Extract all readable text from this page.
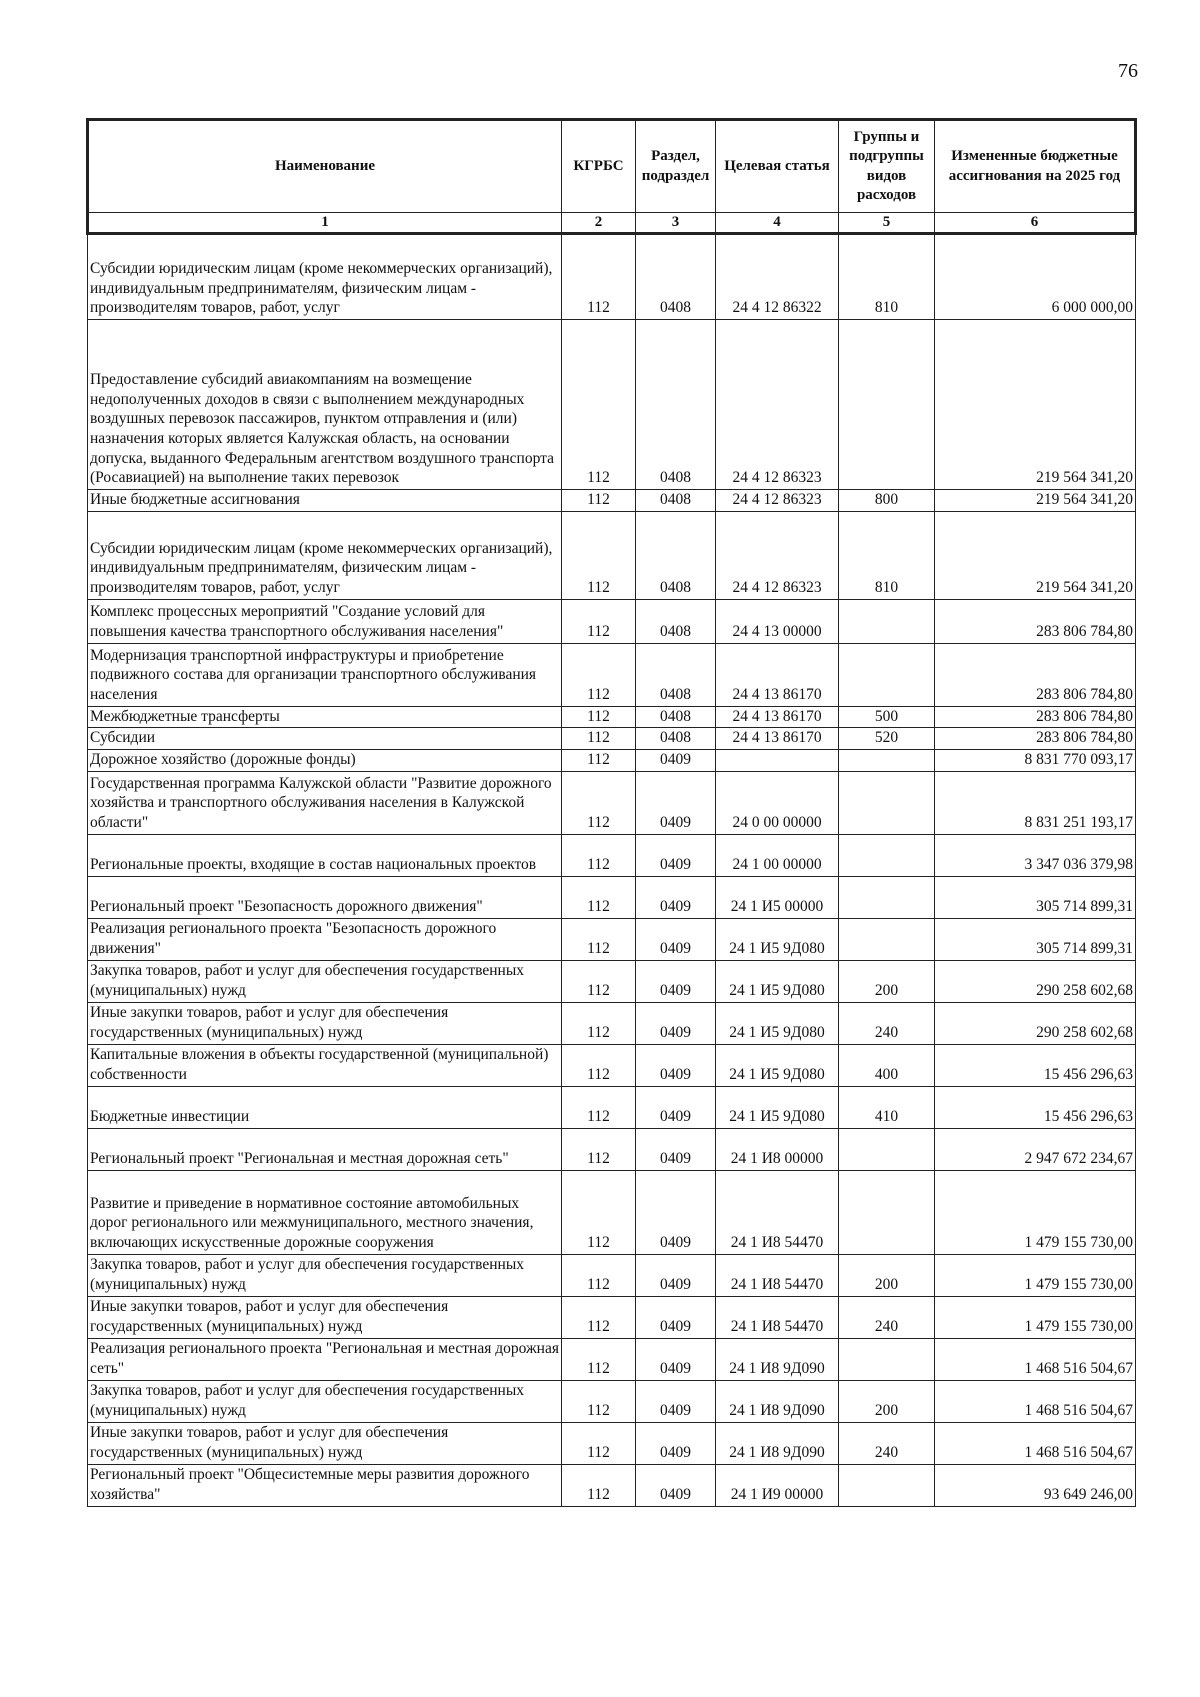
76
Наименование	КГРБС	Раздел, подраздел	Целевая статья	Группы и подгруппы видов расходов	Измененные бюджетные ассигнования на 2025 год
1	2	3	4	5	6
Субсидии юридическим лицам (кроме некоммерческих организаций), индивидуальным предпринимателям, физическим лицам - производителям товаров, работ, услуг	112	0408	24 4 12 86322	810	6 000 000,00
Предоставление субсидий авиакомпаниям на возмещение недополученных доходов в связи с выполнением международных воздушных перевозок пассажиров, пунктом отправления и (или) назначения которых является Калужская область, на основании допуска, выданного Федеральным агентством воздушного транспорта (Росавиацией) на выполнение таких перевозок	112	0408	24 4 12 86323		219 564 341,20
Иные бюджетные ассигнования	112	0408	24 4 12 86323	800	219 564 341,20
Субсидии юридическим лицам (кроме некоммерческих организаций), индивидуальным предпринимателям, физическим лицам - производителям товаров, работ, услуг	112	0408	24 4 12 86323	810	219 564 341,20
Комплекс процессных мероприятий "Создание условий для повышения качества транспортного обслуживания населения"	112	0408	24 4 13 00000		283 806 784,80
Модернизация транспортной инфраструктуры и приобретение подвижного состава для организации транспортного обслуживания населения	112	0408	24 4 13 86170		283 806 784,80
Межбюджетные трансферты	112	0408	24 4 13 86170	500	283 806 784,80
Субсидии	112	0408	24 4 13 86170	520	283 806 784,80
Дорожное хозяйство (дорожные фонды)	112	0409			8 831 770 093,17
Государственная программа Калужской области "Развитие дорожного хозяйства и транспортного обслуживания населения в Калужской области"	112	0409	24 0 00 00000		8 831 251 193,17
Региональные проекты, входящие в состав национальных проектов	112	0409	24 1 00 00000		3 347 036 379,98
Региональный проект "Безопасность дорожного движения"	112	0409	24 1 И5 00000		305 714 899,31
Реализация регионального проекта "Безопасность дорожного движения"	112	0409	24 1 И5 9Д080		305 714 899,31
Закупка товаров, работ и услуг для обеспечения государственных (муниципальных) нужд	112	0409	24 1 И5 9Д080	200	290 258 602,68
Иные закупки товаров, работ и услуг для обеспечения государственных (муниципальных) нужд	112	0409	24 1 И5 9Д080	240	290 258 602,68
Капитальные вложения в объекты государственной (муниципальной) собственности	112	0409	24 1 И5 9Д080	400	15 456 296,63
Бюджетные инвестиции	112	0409	24 1 И5 9Д080	410	15 456 296,63
Региональный проект "Региональная и местная дорожная сеть"	112	0409	24 1 И8 00000		2 947 672 234,67
Развитие и приведение в нормативное состояние автомобильных дорог регионального или межмуниципального, местного значения, включающих искусственные дорожные сооружения	112	0409	24 1 И8 54470		1 479 155 730,00
Закупка товаров, работ и услуг для обеспечения государственных (муниципальных) нужд	112	0409	24 1 И8 54470	200	1 479 155 730,00
Иные закупки товаров, работ и услуг для обеспечения государственных (муниципальных) нужд	112	0409	24 1 И8 54470	240	1 479 155 730,00
Реализация регионального проекта "Региональная и местная дорожная сеть"	112	0409	24 1 И8 9Д090		1 468 516 504,67
Закупка товаров, работ и услуг для обеспечения государственных (муниципальных) нужд	112	0409	24 1 И8 9Д090	200	1 468 516 504,67
Иные закупки товаров, работ и услуг для обеспечения государственных (муниципальных) нужд	112	0409	24 1 И8 9Д090	240	1 468 516 504,67
Региональный проект "Общесистемные меры развития дорожного хозяйства"	112	0409	24 1 И9 00000		93 649 246,00
